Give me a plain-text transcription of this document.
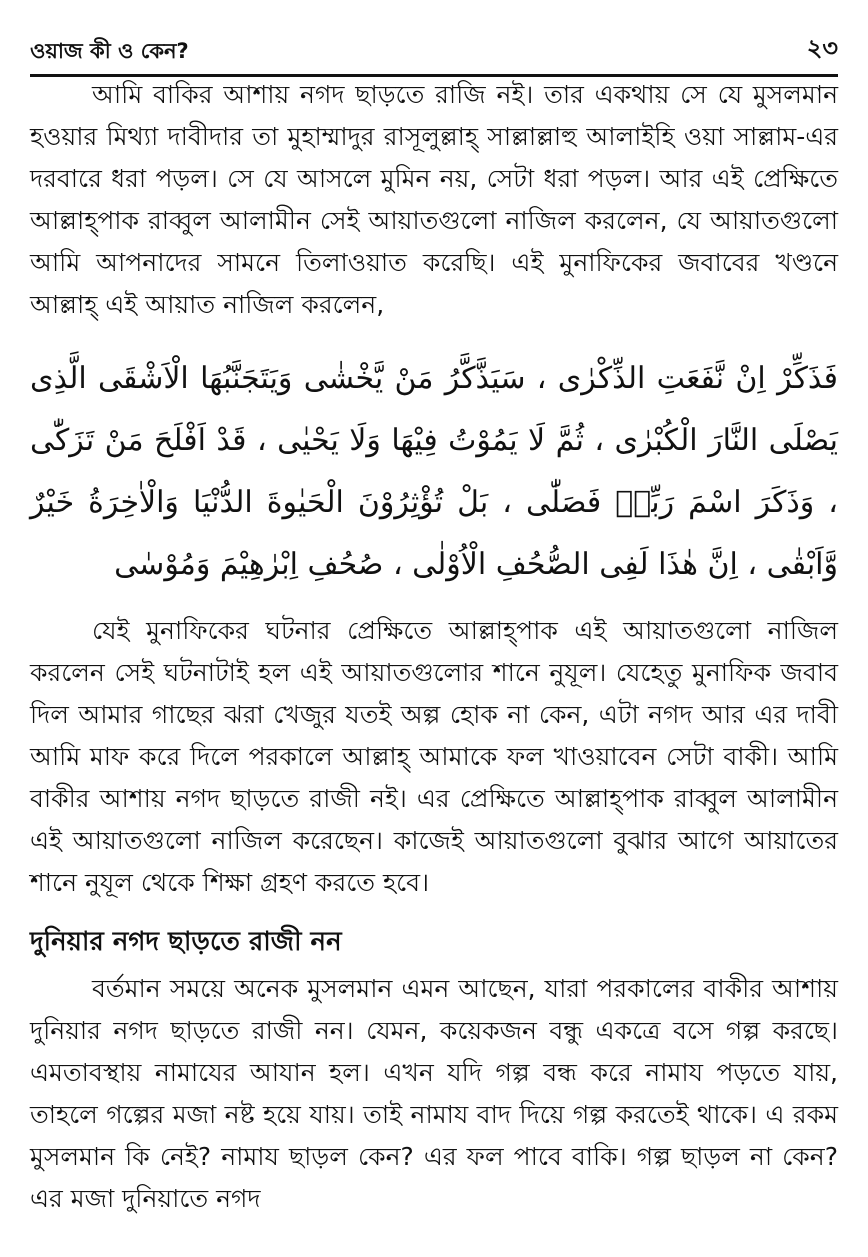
ওয়াজ কী ও কেন?	২৩

আমি বাকির আশায় নগদ ছাড়তে রাজি নই। তার একথায় সে যে মুসলমান হওয়ার মিথ্যা দাবীদার তা মুহাম্মাদুর রাসূলুল্লাহ্ সাল্লাল্লাহু আলাইহি ওয়া সাল্লাম-এর দরবারে ধরা পড়ল। সে যে আসলে মুমিন নয়, সেটা ধরা পড়ল। আর এই প্রেক্ষিতে আল্লাহ্পাক রাব্বুল আলামীন সেই আয়াতগুলো নাজিল করলেন, যে আয়াতগুলো আমি আপনাদের সামনে তিলাওয়াত করেছি। এই মুনাফিকের জবাবের খণ্ডনে আল্লাহ্ এই আয়াত নাজিল করলেন,

فَذَكِّرْ اِنْ نَّفَعَتِ الذِّكْرٰى ، سَيَذَّكَّرُ مَنْ يَّخْشٰى وَيَتَجَنَّبُهَا الْاَشْقَى الَّذِى يَصْلَى النَّارَ الْكُبْرٰى ، ثُمَّ لَا يَمُوْتُ فِيْهَا وَلَا يَحْيٰى ، قَدْ اَفْلَحَ مَنْ تَزَكّٰى ، وَذَكَرَ اسْمَ رَبِّهٖ فَصَلّٰى ، بَلْ تُؤْثِرُوْنَ الْحَيٰوةَ الدُّنْيَا وَالْاٰخِرَةُ خَيْرٌ وَّاَبْقٰى ، اِنَّ هٰذَا لَفِى الصُّحُفِ الْاُوْلٰى ، صُحُفِ اِبْرٰهِيْمَ وَمُوْسٰى

যেই মুনাফিকের ঘটনার প্রেক্ষিতে আল্লাহ্পাক এই আয়াতগুলো নাজিল করলেন সেই ঘটনাটাই হল এই আয়াতগুলোর শানে নুযূল। যেহেতু মুনাফিক জবাব দিল আমার গাছের ঝরা খেজুর যতই অল্প হোক না কেন, এটা নগদ আর এর দাবী আমি মাফ করে দিলে পরকালে আল্লাহ্ আমাকে ফল খাওয়াবেন সেটা বাকী। আমি বাকীর আশায় নগদ ছাড়তে রাজী নই। এর প্রেক্ষিতে আল্লাহ্পাক রাব্বুল আলামীন এই আয়াতগুলো নাজিল করেছেন। কাজেই আয়াতগুলো বুঝার আগে আয়াতের শানে নুযূল থেকে শিক্ষা গ্রহণ করতে হবে।

দুনিয়ার নগদ ছাড়তে রাজী নন

বর্তমান সময়ে অনেক মুসলমান এমন আছেন, যারা পরকালের বাকীর আশায় দুনিয়ার নগদ ছাড়তে রাজী নন। যেমন, কয়েকজন বন্ধু একত্রে বসে গল্প করছে। এমতাবস্থায় নামাযের আযান হল। এখন যদি গল্প বন্ধ করে নামায পড়তে যায়, তাহলে গল্পের মজা নষ্ট হয়ে যায়। তাই নামায বাদ দিয়ে গল্প করতেই থাকে। এ রকম মুসলমান কি নেই? নামায ছাড়ল কেন? এর ফল পাবে বাকি। গল্প ছাড়ল না কেন? এর মজা দুনিয়াতে নগদ
